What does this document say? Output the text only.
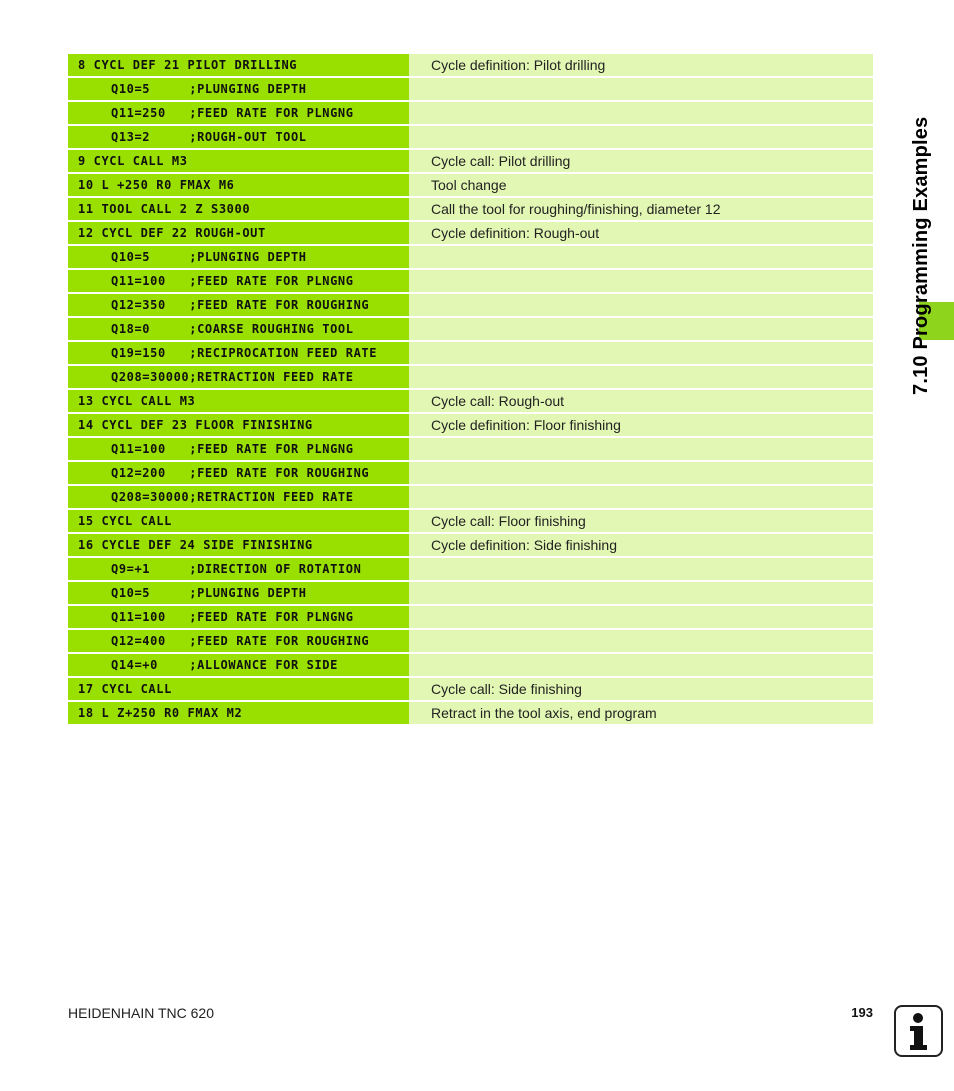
8 CYCL DEF 21 PILOT DRILLING	Cycle definition: Pilot drilling
Q10=5     ;PLUNGING DEPTH
Q11=250   ;FEED RATE FOR PLNGNG
Q13=2     ;ROUGH-OUT TOOL
9 CYCL CALL M3	Cycle call: Pilot drilling
10 L +250 R0 FMAX M6	Tool change
11 TOOL CALL 2 Z S3000	Call the tool for roughing/finishing, diameter 12
12 CYCL DEF 22 ROUGH-OUT	Cycle definition: Rough-out
Q10=5     ;PLUNGING DEPTH
Q11=100   ;FEED RATE FOR PLNGNG
Q12=350   ;FEED RATE FOR ROUGHING
Q18=0     ;COARSE ROUGHING TOOL
Q19=150   ;RECIPROCATION FEED RATE
Q208=30000;RETRACTION FEED RATE
13 CYCL CALL M3	Cycle call: Rough-out
14 CYCL DEF 23 FLOOR FINISHING	Cycle definition: Floor finishing
Q11=100   ;FEED RATE FOR PLNGNG
Q12=200   ;FEED RATE FOR ROUGHING
Q208=30000;RETRACTION FEED RATE
15 CYCL CALL	Cycle call: Floor finishing
16 CYCLE DEF 24 SIDE FINISHING	Cycle definition: Side finishing
Q9=+1     ;DIRECTION OF ROTATION
Q10=5     ;PLUNGING DEPTH
Q11=100   ;FEED RATE FOR PLNGNG
Q12=400   ;FEED RATE FOR ROUGHING
Q14=+0    ;ALLOWANCE FOR SIDE
17 CYCL CALL	Cycle call: Side finishing
18 L Z+250 R0 FMAX M2	Retract in the tool axis, end program
7.10 Programming Examples
HEIDENHAIN TNC 620	193
